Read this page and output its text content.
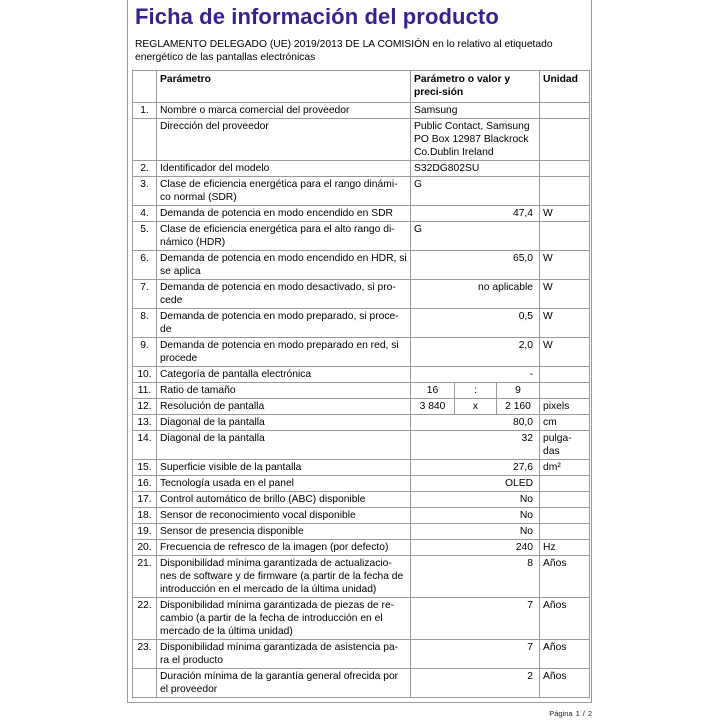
Ficha de información del producto
REGLAMENTO DELEGADO (UE) 2019/2013 DE LA COMISIÓN en lo relativo al etiquetado energético de las pantallas electrónicas
	Parámetro	Parámetro o valor y preci-sión			Unidad
1.	Nombre o marca comercial del proveedor	Samsung			
	Dirección del proveedor	Public Contact, Samsung PO Box 12987 Blackrock Co.Dublin Ireland			
2.	Identificador del modelo	S32DG802SU			
3.	Clase de eficiencia energética para el rango dinámi-co normal (SDR)	G			
4.	Demanda de potencia en modo encendido en SDR	47,4			W
5.	Clase de eficiencia energética para el alto rango di-námico (HDR)	G			
6.	Demanda de potencia en modo encendido en HDR, si se aplica	65,0			W
7.	Demanda de potencia en modo desactivado, si pro-cede	no aplicable			W
8.	Demanda de potencia en modo preparado, si proce-de	0,5			W
9.	Demanda de potencia en modo preparado en red, si procede	2,0			W
10.	Categoría de pantalla electrónica	-			
11.	Ratio de tamaño	16	:	9	
12.	Resolución de pantalla	3 840	x	2 160	pixels
13.	Diagonal de la pantalla	80,0			cm
14.	Diagonal de la pantalla	32			pulga-das
15.	Superficie visible de la pantalla	27,6			dm²
16.	Tecnología usada en el panel	OLED			
17.	Control automático de brillo (ABC) disponible	No			
18.	Sensor de reconocimiento vocal disponible	No			
19.	Sensor de presencia disponible	No			
20.	Frecuencia de refresco de la imagen (por defecto)	240			Hz
21.	Disponibilidad mínima garantizada de actualizacio-nes de software y de firmware (a partir de la fecha de introducción en el mercado de la última unidad)	8			Años
22.	Disponibilidad mínima garantizada de piezas de re-cambio (a partir de la fecha de introducción en el mercado de la última unidad)	7			Años
23.	Disponibilidad mínima garantizada de asistencia pa-ra el producto	7			Años
	Duración mínima de la garantía general ofrecida por el proveedor	2			Años
Página 1 / 2
